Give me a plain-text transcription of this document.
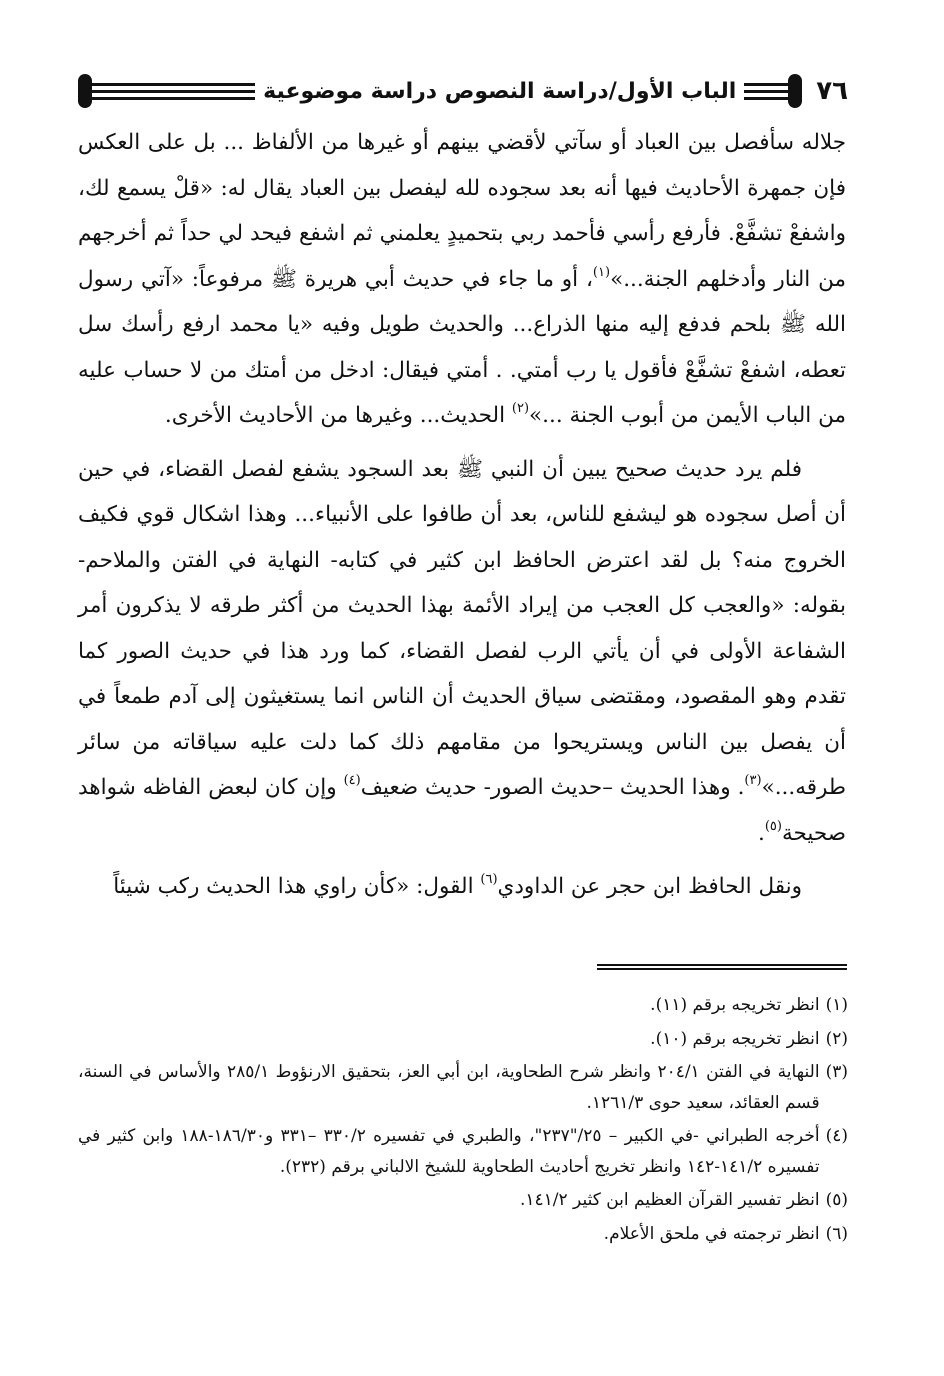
٧٦
الباب الأول/دراسة النصوص دراسة موضوعية

جلاله سأفصل بين العباد أو سآتي لأقضي بينهم أو غيرها من الألفاظ ... بل على العكس فإن جمهرة الأحاديث فيها أنه بعد سجوده لله ليفصل بين العباد يقال له: «قلْ يسمع لك، واشفعْ تشفَّعْ. فأرفع رأسي فأحمد ربي بتحميدٍ يعلمني ثم اشفع فيحد لي حداً ثم أخرجهم من النار وأدخلهم الجنة...»$^{(١)}$، أو ما جاء في حديث أبي هريرة ﷺ مرفوعاً: «آتي رسول الله ﷺ بلحم فدفع إليه منها الذراع... والحديث طويل وفيه «يا محمد ارفع رأسك سل تعطه، اشفعْ تشفَّعْ فأقول يا رب أمتي. . أمتي فيقال: ادخل من أمتك من لا حساب عليه من الباب الأيمن من أبوب الجنة ...»$^{(٢)}$ الحديث... وغيرها من الأحاديث الأخرى.

فلم يرد حديث صحيح يبين أن النبي ﷺ بعد السجود يشفع لفصل القضاء، في حين أن أصل سجوده هو ليشفع للناس، بعد أن طافوا على الأنبياء... وهذا اشكال قوي فكيف الخروج منه؟ بل لقد اعترض الحافظ ابن كثير في كتابه- النهاية في الفتن والملاحم- بقوله: «والعجب كل العجب من إيراد الأئمة بهذا الحديث من أكثر طرقه لا يذكرون أمر الشفاعة الأولى في أن يأتي الرب لفصل القضاء، كما ورد هذا في حديث الصور كما تقدم وهو المقصود، ومقتضى سياق الحديث أن الناس انما يستغيثون إلى آدم طمعاً في أن يفصل بين الناس ويستريحوا من مقامهم ذلك كما دلت عليه سياقاته من سائر طرقه...»$^{(٣)}$. وهذا الحديث –حديث الصور- حديث ضعيف$^{(٤)}$ وإن كان لبعض الفاظه شواهد صحيحة$^{(٥)}$.

ونقل الحافظ ابن حجر عن الداودي$^{(٦)}$ القول: «كأن راوي هذا الحديث ركب شيئاً

(١)
انظر تخريجه برقم (١١).
(٢)
انظر تخريجه برقم (١٠).
(٣)
النهاية في الفتن ٢٠٤/١ وانظر شرح الطحاوية، ابن أبي العز، بتحقيق الارنؤوط ٢٨٥/١ والأساس في السنة، قسم العقائد، سعيد حوى ١٢٦١/٣.
(٤)
أخرجه الطبراني -في الكبير – ٢٥/"٢٣٧"، والطبري في تفسيره ٣٣٠/٢ –٣٣١ و١٨٦/٣٠-١٨٨ وابن كثير في تفسيره ١٤١/٢-١٤٢ وانظر تخريج أحاديث الطحاوية للشيخ الالباني برقم (٢٣٢).
(٥)
انظر تفسير القرآن العظيم ابن كثير ١٤١/٢.
(٦)
انظر ترجمته في ملحق الأعلام.
